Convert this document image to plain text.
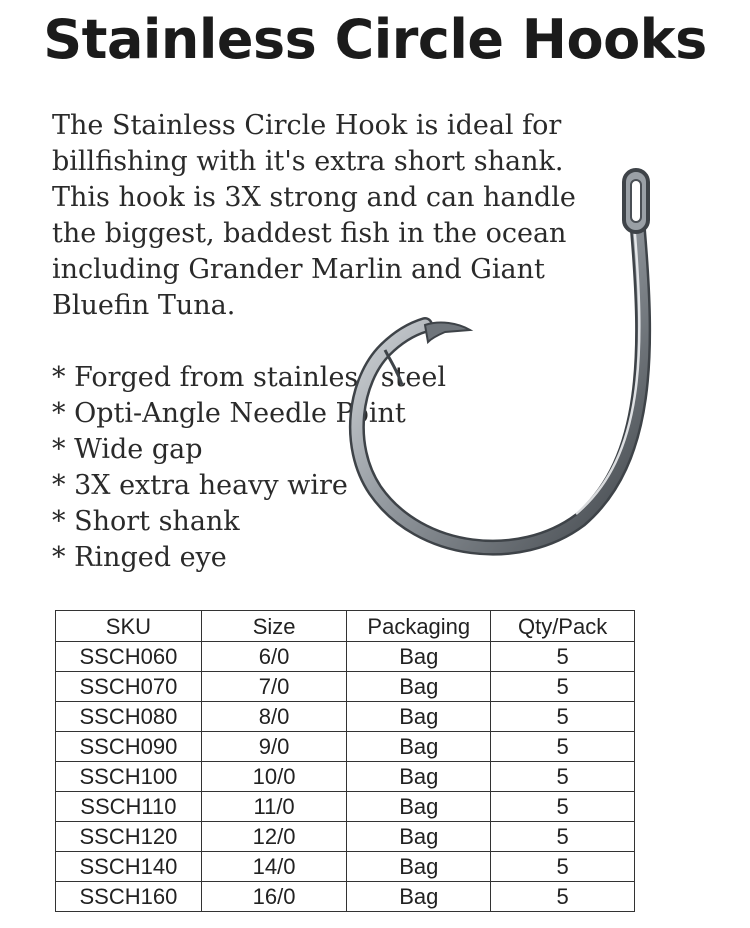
Stainless Circle Hooks

The Stainless Circle Hook is ideal for billfishing with it's extra short shank. This hook is 3X strong and can handle the biggest, baddest fish in the ocean including Grander Marlin and Giant Bluefin Tuna.

* Forged from stainless steel
* Opti-Angle Needle Point
* Wide gap
* 3X extra heavy wire
* Short shank
* Ringed eye
SKU	Size	Packaging	Qty/Pack
SSCH060	6/0	Bag	5
SSCH070	7/0	Bag	5
SSCH080	8/0	Bag	5
SSCH090	9/0	Bag	5
SSCH100	10/0	Bag	5
SSCH110	11/0	Bag	5
SSCH120	12/0	Bag	5
SSCH140	14/0	Bag	5
SSCH160	16/0	Bag	5
